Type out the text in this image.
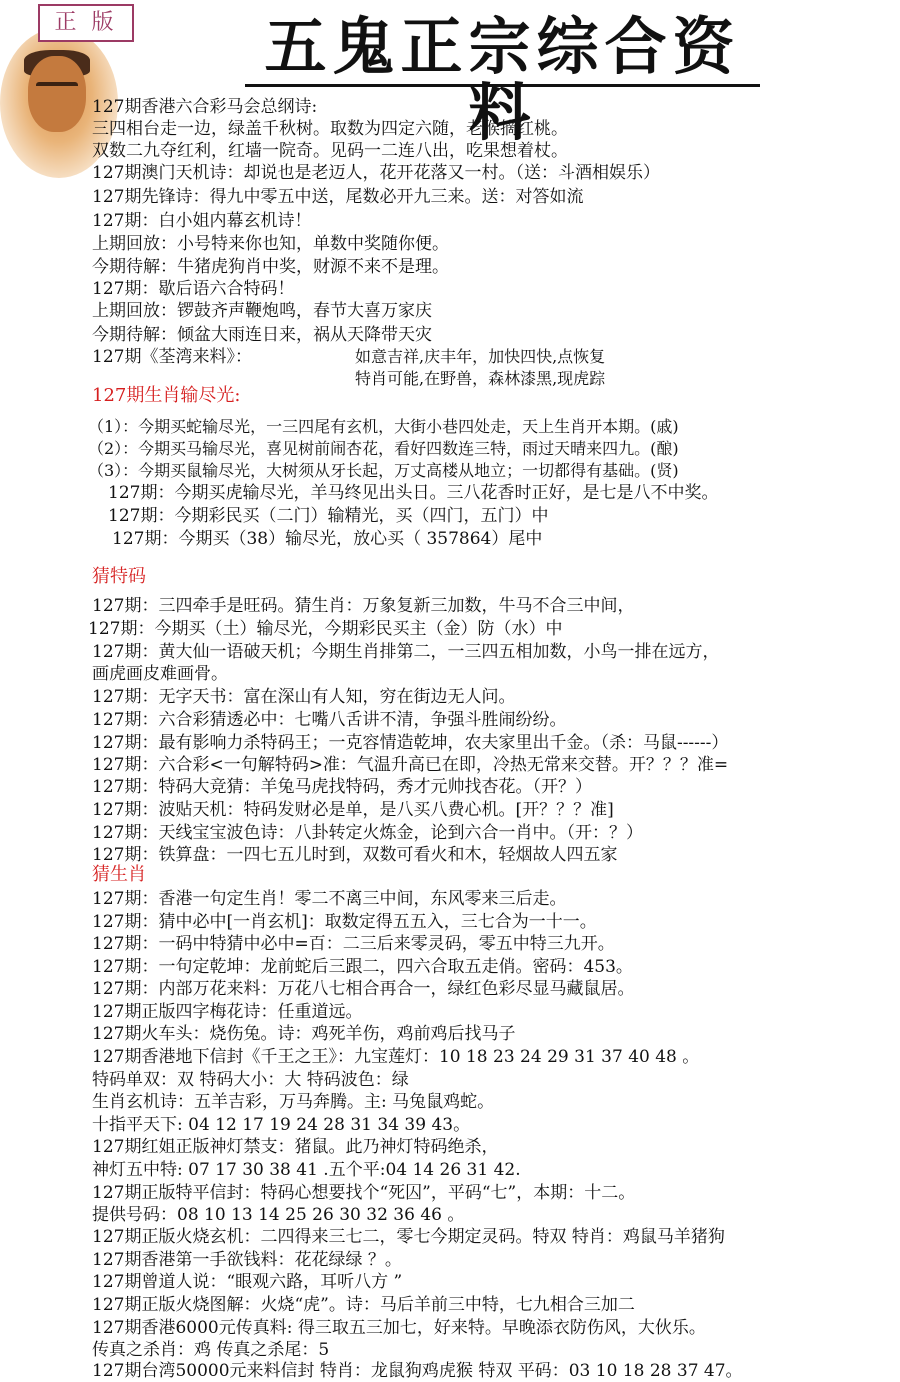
正 版	五鬼正宗综合资料
127期香港六合彩马会总纲诗:
三四相台走一边，绿盖千秋树。取数为四定六随，老猴摘红桃。
双数二九夺红利，红墙一院奇。见码一二连八出，吃果想着杖。
127期澳门天机诗：却说也是老迈人，花开花落又一村。（送：斗酒相娱乐）
127期先锋诗：得九中零五中送，尾数必开九三来。送：对答如流
127期：白小姐内幕玄机诗！
上期回放：小号特来你也知，单数中奖随你便。
今期待解：牛猪虎狗肖中奖，财源不来不是理。
127期：歇后语六合特码！
上期回放：锣鼓齐声鞭炮鸣，春节大喜万家庆
今期待解：倾盆大雨连日来，祸从天降带天灾
127期《荃湾来料》：	如意吉祥,庆丰年，加快四快,点恢复
特肖可能,在野兽，森林漆黑,现虎踪
127期生肖输尽光:
（1）：今期买蛇输尽光，一三四尾有玄机，大街小巷四处走，天上生肖开本期。(戚)
（2）：今期买马输尽光，喜见树前闹杏花，看好四数连三特，雨过天晴来四九。(酿)
（3）：今期买鼠输尽光，大树须从牙长起，万丈高楼从地立；一切都得有基础。(贤)
127期：今期买虎输尽光，羊马终见出头日。三八花香时正好，是七是八不中奖。
127期：今期彩民买（二门）输精光，买（四门，五门）中
127期：今期买（38）输尽光，放心买（ 357864）尾中
猜特码
127期：三四牵手是旺码。猜生肖：万象复新三加数，牛马不合三中间，
127期：今期买（土）输尽光，今期彩民买主（金）防（水）中
127期：黄大仙一语破天机；今期生肖排第二，一三四五相加数，小鸟一排在远方，
画虎画皮难画骨。
127期：无字天书：富在深山有人知，穷在街边无人问。
127期：六合彩猜透必中：七嘴八舌讲不清，争强斗胜闹纷纷。
127期：最有影响力杀特码王；一克容情造乾坤，农夫家里出千金。（杀：马鼠------）
127期：六合彩<一句解特码>准：气温升高已在即，冷热无常来交替。开？？？准=
127期：特码大竞猜：羊兔马虎找特码，秀才元帅找杏花。（开？）
127期：波贴天机：特码发财必是单，是八买八费心机。[开？？？准]
127期：天线宝宝波色诗：八卦转定火炼金，论到六合一肖中。（开：？）
127期：铁算盘：一四七五儿时到，双数可看火和木，轻烟故人四五家
猜生肖
127期：香港一句定生肖！零二不离三中间，东风零来三后走。
127期：猜中必中[一肖玄机]：取数定得五五入，三七合为一十一。
127期：一码中特猜中必中=百：二三后来零灵码，零五中特三九开。
127期：一句定乾坤：龙前蛇后三跟二，四六合取五走俏。密码：453。
127期：内部万花来料：万花八七相合再合一，绿红色彩尽显马藏鼠居。
127期正版四字梅花诗：任重道远。
127期火车头：烧伤兔。诗：鸡死羊伤，鸡前鸡后找马子
127期香港地下信封《千王之王》：九宝莲灯：10 18 23 24 29 31 37 40 48 。
特码单双：双 特码大小：大 特码波色：绿
生肖玄机诗：五羊吉彩，万马奔腾。主: 马兔鼠鸡蛇。
十指平天下: 04 12 17 19 24 28 31 34 39 43。
127期红姐正版神灯禁支：猪鼠。此乃神灯特码绝杀，
神灯五中特: 07 17 30 38 41 .五个平:04 14 26 31 42.
127期正版特平信封：特码心想要找个“死囚”，平码“七”，本期：十二。
提供号码：08 10 13 14 25 26 30 32 36 46 。
127期正版火烧玄机：二四得来三七二，零七今期定灵码。特双 特肖：鸡鼠马羊猪狗
127期香港第一手欲钱料：花花绿绿 ？。
127期曾道人说：“眼观六路，耳听八方 ”
127期正版火烧图解：火烧“虎”。诗：马后羊前三中特，七九相合三加二
127期香港6000元传真料: 得三取五三加七，好来特。早晚添衣防伤风，大伙乐。
传真之杀肖：鸡 传真之杀尾：5
127期台湾50000元来料信封 特肖：龙鼠狗鸡虎猴 特双 平码：03 10 18 28 37 47。
